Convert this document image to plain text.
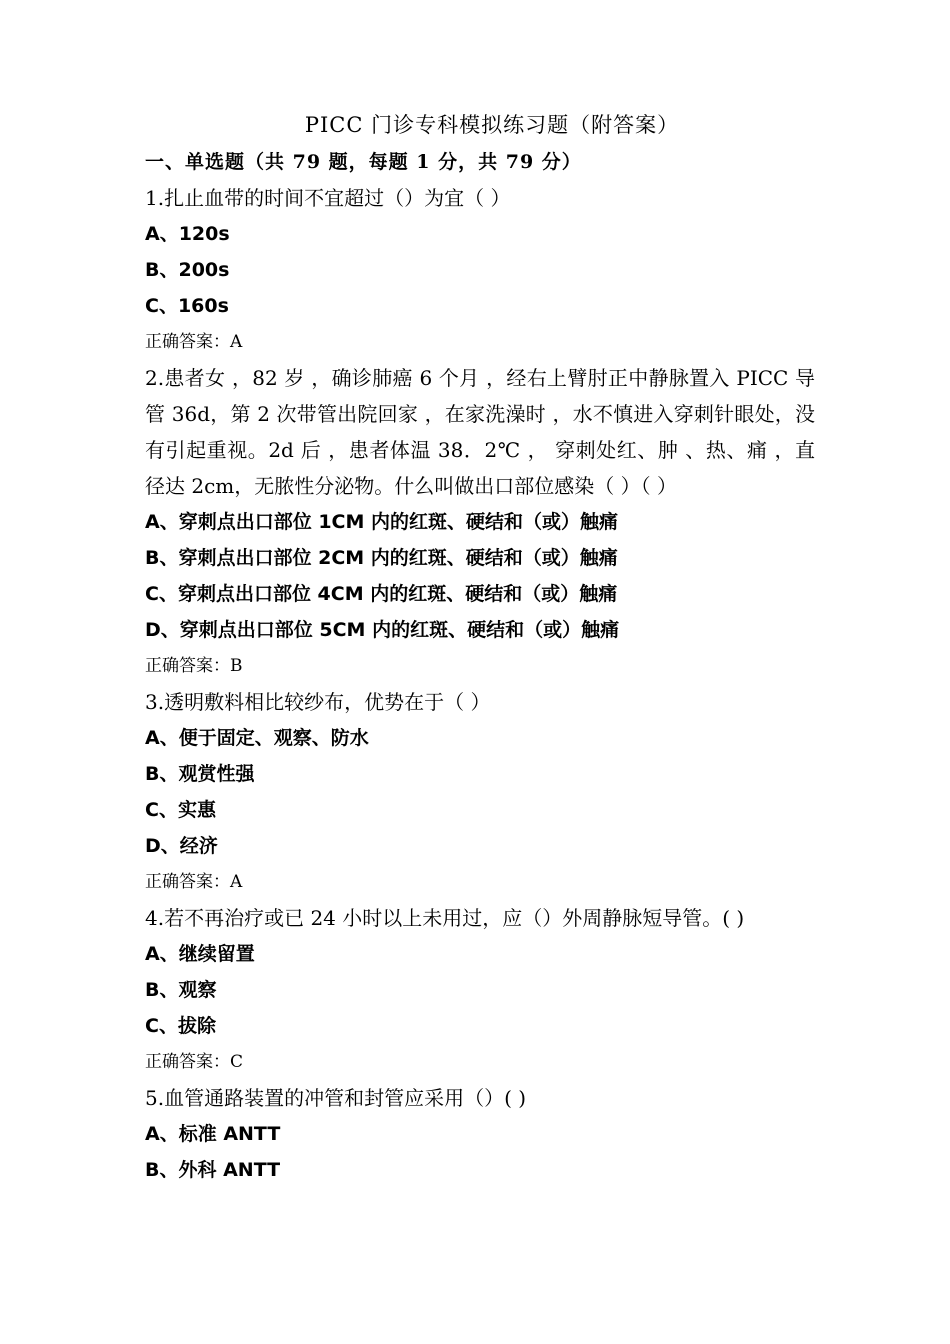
PICC 门诊专科模拟练习题（附答案）
一、单选题（共 79 题，每题 1 分，共 79 分）
1.扎止血带的时间不宜超过（）为宜（ ）
A、120s
B、200s
C、160s
正确答案：A
2.患者女 ，82 岁 ，确诊肺癌 6 个月 ，经右上臂肘正中静脉置入 PICC 导管 36d，第 2 次带管出院回家 ，在家洗澡时 ，水不慎进入穿刺针眼处，没有引起重视。2d 后 ，患者体温 38．2℃ ， 穿刺处红、肿 、热、痛 ，直径达 2cm，无脓性分泌物。什么叫做出口部位感染（ ）（ ）
A、穿刺点出口部位 1CM 内的红斑、硬结和（或）触痛
B、穿刺点出口部位 2CM 内的红斑、硬结和（或）触痛
C、穿刺点出口部位 4CM 内的红斑、硬结和（或）触痛
D、穿刺点出口部位 5CM 内的红斑、硬结和（或）触痛
正确答案：B
3.透明敷料相比较纱布，优势在于（ ）
A、便于固定、观察、防水
B、观赏性强
C、实惠
D、经济
正确答案：A
4.若不再治疗或已 24 小时以上未用过，应（）外周静脉短导管。( )
A、继续留置
B、观察
C、拔除
正确答案：C
5.血管通路装置的冲管和封管应采用（）( )
A、标准 ANTT
B、外科 ANTT
